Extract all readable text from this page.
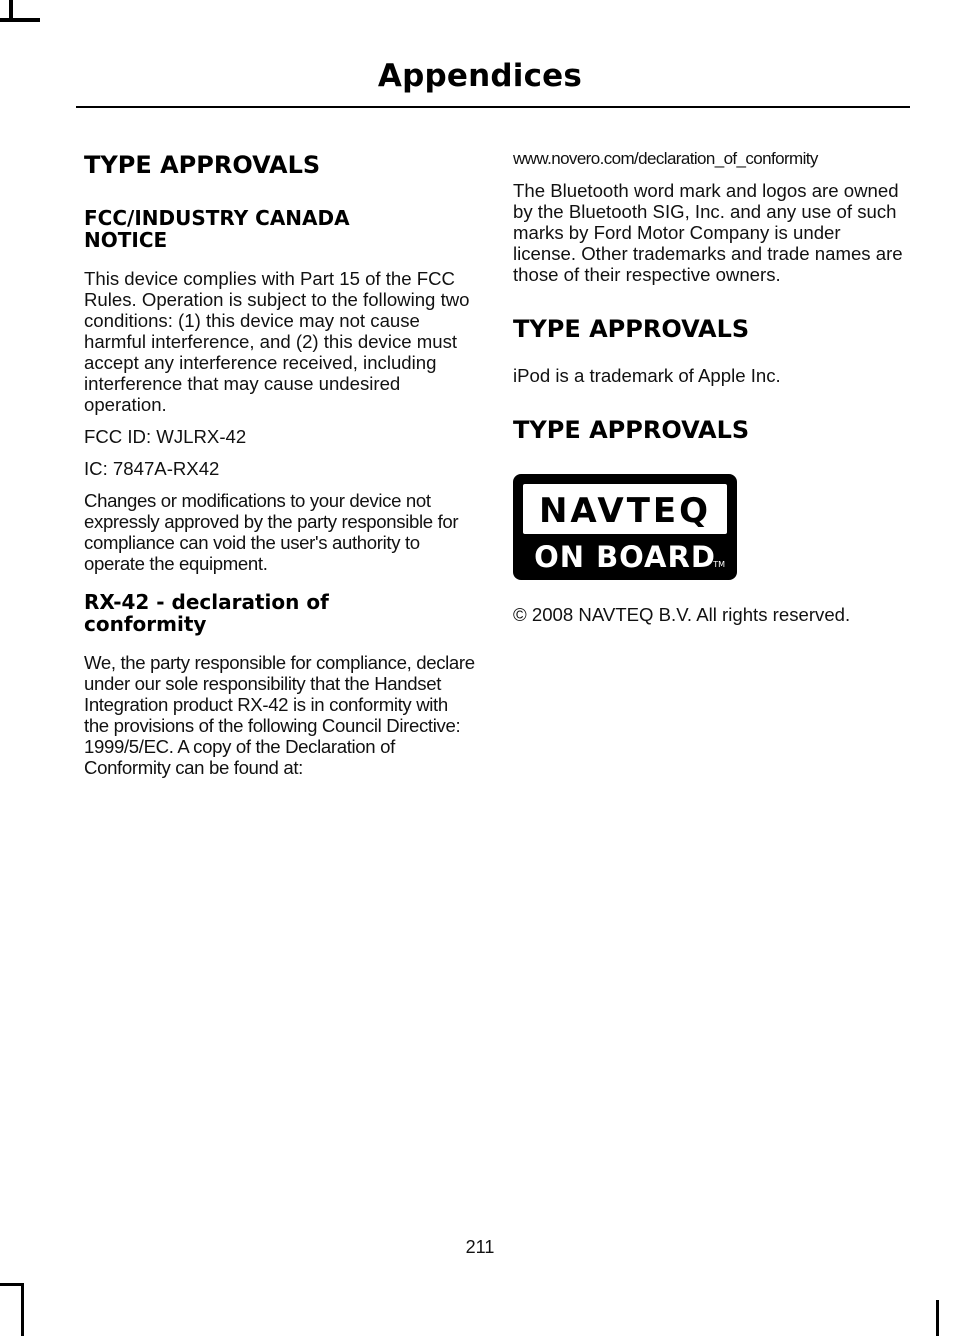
Appendices
TYPE APPROVALS
FCC/INDUSTRY CANADA NOTICE
This device complies with Part 15 of the FCC Rules. Operation is subject to the following two conditions: (1) this device may not cause harmful interference, and (2) this device must accept any interference received, including interference that may cause undesired operation.
FCC ID: WJLRX-42
IC: 7847A-RX42
Changes or modifications to your device not expressly approved by the party responsible for compliance can void the user's authority to operate the equipment.
RX-42 - declaration of conformity
We, the party responsible for compliance, declare under our sole responsibility that the Handset Integration product RX-42 is in conformity with the provisions of the following Council Directive: 1999/5/EC. A copy of the Declaration of Conformity can be found at:
www.novero.com/declaration_of_conformity
The Bluetooth word mark and logos are owned by the Bluetooth SIG, Inc. and any use of such marks by Ford Motor Company is under license. Other trademarks and trade names are those of their respective owners.
TYPE APPROVALS
iPod is a trademark of Apple Inc.
TYPE APPROVALS
NAVTEQ
ON BOARD
TM
© 2008 NAVTEQ B.V. All rights reserved.
211
